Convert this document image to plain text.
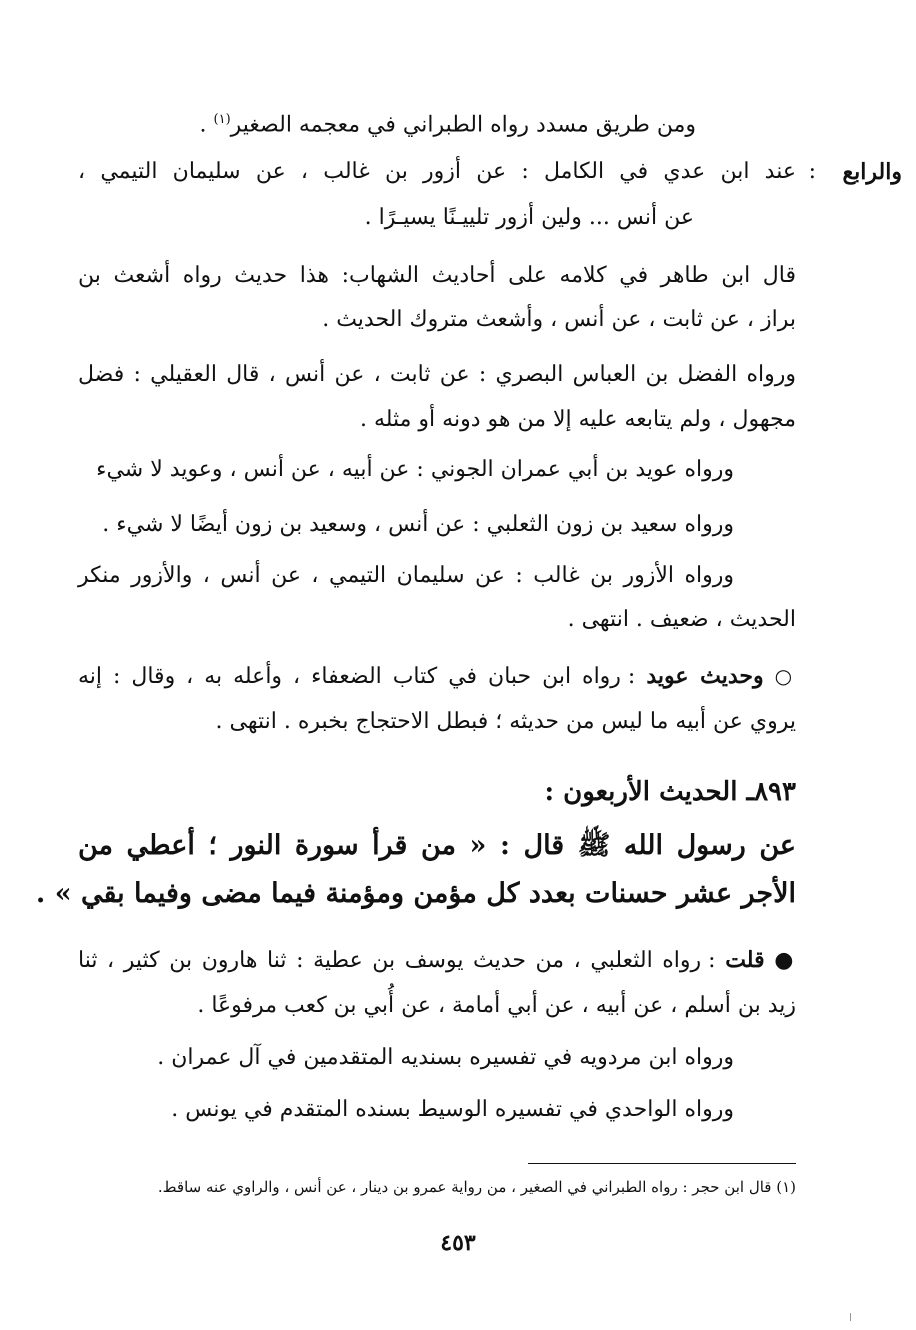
ومن طريق مسدد رواه الطبراني في معجمه الصغير$^{(١)}$ .
والرابع
:
عند ابن عدي في الكامل : عن أزور بن غالب ، عن سليمان التيمي ،
عن أنس ... ولين أزور تلييـنًا يسيـرًا .
قال ابن طاهر في كلامه على أحاديث الشهاب: هذا حديث رواه أشعث بن
براز ، عن ثابت ، عن أنس ، وأشعث متروك الحديث .
ورواه الفضل بن العباس البصري : عن ثابت ، عن أنس ، قال العقيلي : فضل
مجهول ، ولم يتابعه عليه إلا من هو دونه أو مثله .
ورواه عويد بن أبي عمران الجوني : عن أبيه ، عن أنس ، وعويد لا شيء
ورواه سعيد بن زون الثعلبي : عن أنس ، وسعيد بن زون أيضًا لا شيء .
ورواه الأزور بن غالب : عن سليمان التيمي ، عن أنس ، والأزور منكر
الحديث ، ضعيف . انتهى .
○ وحديث عويد : رواه ابن حبان في كتاب الضعفاء ، وأعله به ، وقال : إنه
يروي عن أبيه ما ليس من حديثه ؛ فبطل الاحتجاج بخبره . انتهى .
٨٩٣ـ الحديث الأربعون :
عن رسول الله ﷺ قال : « من قرأ سورة النور ؛ أعطي من
الأجر عشر حسنات بعدد كل مؤمن ومؤمنة فيما مضى وفيما بقي » .
● قلت : رواه الثعلبي ، من حديث يوسف بن عطية : ثنا هارون بن كثير ، ثنا
زيد بن أسلم ، عن أبيه ، عن أبي أمامة ، عن أُبي بن كعب مرفوعًا .
ورواه ابن مردويه في تفسيره بسنديه المتقدمين في آل عمران .
ورواه الواحدي في تفسيره الوسيط بسنده المتقدم في يونس .
(١) قال ابن حجر : رواه الطبراني في الصغير ، من رواية عمرو بن دينار ، عن أنس ، والراوي عنه ساقط.
٤٥٣
